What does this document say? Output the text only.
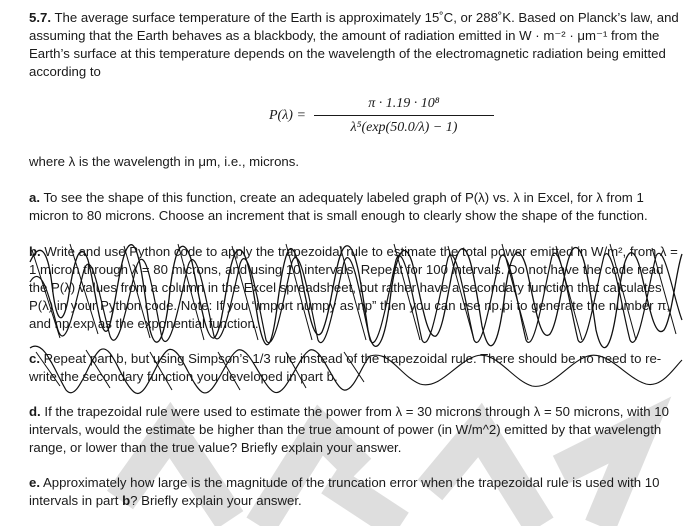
5.7. The average surface temperature of the Earth is approximately 15˚C, or 288˚K. Based on Planck’s law, and assuming that the Earth behaves as a blackbody, the amount of radiation emitted in W · m⁻² · μm⁻¹ from the Earth’s surface at this temperature depends on the wavelength of the electromagnetic radiation being emitted according to

P(λ) =
π · 1.19 · 10⁸
λ⁵(exp(50.0/λ) − 1)

where λ is the wavelength in μm, i.e., microns.

a. To see the shape of this function, create an adequately labeled graph of P(λ) vs. λ in Excel, for λ from 1 micron to 80 microns. Choose an increment that is small enough to clearly show the shape of the function.

b. Write and use Python code to apply the trapezoidal rule to estimate the total power emitted in W/m², from λ = 1 micron through λ = 80 microns, and using 10 intervals. Repeat for 100 intervals. Do not have the code read the P(λ) values from a column in the Excel spreadsheet, but rather have a secondary function that calculates P(λ) in your Python code. Note: If you “import numpy as np” then you can use np.pi to generate the number π, and np.exp as the exponential function.

c. Repeat part b, but using Simpson’s 1/3 rule instead of the trapezoidal rule. There should be no need to re-write the secondary function you developed in part b.

d. If the trapezoidal rule were used to estimate the power from λ = 30 microns through λ = 50 microns, with 10 intervals, would the estimate be higher than the true amount of power (in W/m^2) emitted by that wavelength range, or lower than the true value? Briefly explain your answer.

e. Approximately how large is the magnitude of the truncation error when the trapezoidal rule is used with 10 intervals in part b? Briefly explain your answer.
